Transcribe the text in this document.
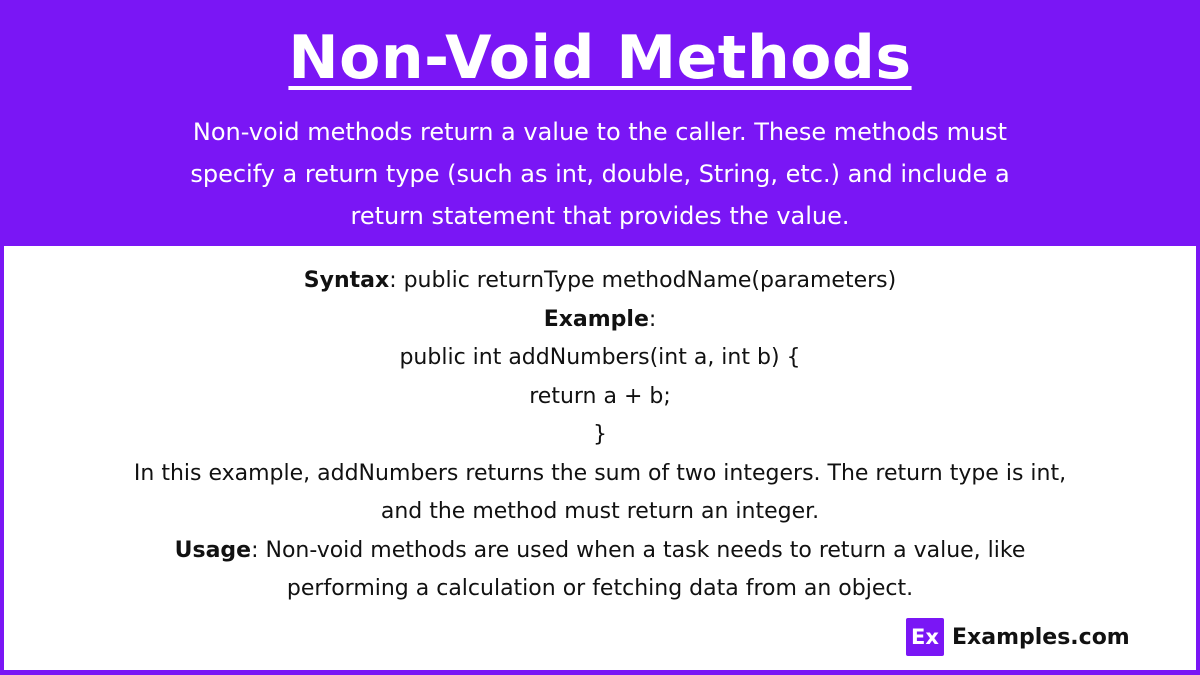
Non-Void Methods
Non-void methods return a value to the caller. These methods must
specify a return type (such as int, double, String, etc.) and include a
return statement that provides the value.
Syntax: public returnType methodName(parameters)
Example:
public int addNumbers(int a, int b) {
return a + b;
}
In this example, addNumbers returns the sum of two integers. The return type is int,
and the method must return an integer.
Usage: Non-void methods are used when a task needs to return a value, like
performing a calculation or fetching data from an object.
Ex Examples.com
